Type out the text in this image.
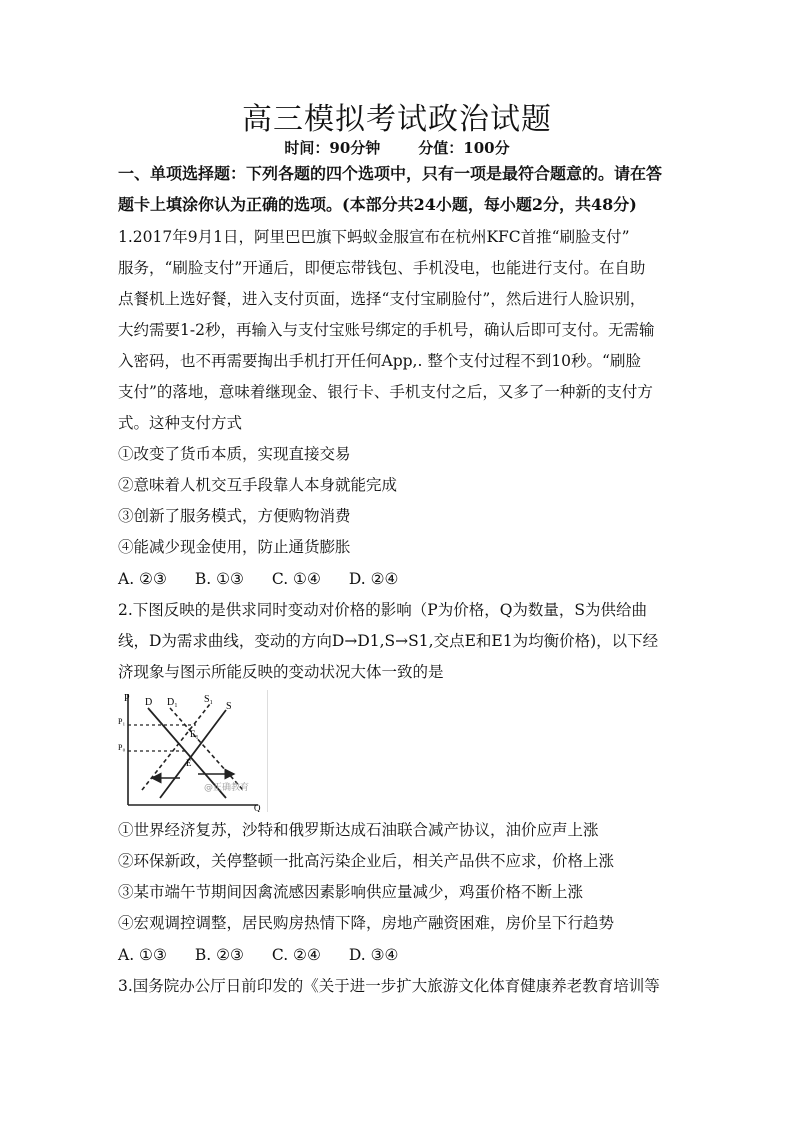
高三模拟考试政治试题
时间：90分钟	分值：100分
一、单项选择题：下列各题的四个选项中，只有一项是最符合题意的。请在答
题卡上填涂你认为正确的选项。(本部分共24小题，每小题2分，共48分)
1.2017年9月1日，阿里巴巴旗下蚂蚁金服宣布在杭州KFC首推“刷脸支付”
服务，“刷脸支付”开通后，即便忘带钱包、手机没电，也能进行支付。在自助
点餐机上选好餐，进入支付页面，选择“支付宝刷脸付”，然后进行人脸识别，
大约需要1-2秒，再输入与支付宝账号绑定的手机号，确认后即可支付。无需输
入密码，也不再需要掏出手机打开任何App,. 整个支付过程不到10秒。“刷脸
支付”的落地，意味着继现金、银行卡、手机支付之后，又多了一种新的支付方
式。这种支付方式
①改变了货币本质，实现直接交易
②意味着人机交互手段靠人本身就能完成
③创新了服务模式，方便购物消费
④能减少现金使用，防止通货膨胀
A. ②③ B. ①③ C. ①④ D. ②④
2.下图反映的是供求同时变动对价格的影响（P为价格，Q为数量，S为供给曲
线，D为需求曲线，变动的方向D→D1,S→S1,交点E和E1为均衡价格)，以下经
济现象与图示所能反映的变动状况大体一致的是
P
Q
D D₁	S₁
S
P₁
P₀
E₁
E
@正确教育
①世界经济复苏，沙特和俄罗斯达成石油联合减产协议，油价应声上涨
②环保新政，关停整顿一批高污染企业后，相关产品供不应求，价格上涨
③某市端午节期间因禽流感因素影响供应量减少，鸡蛋价格不断上涨
④宏观调控调整，居民购房热情下降，房地产融资困难，房价呈下行趋势
A. ①③ B. ②③ C. ②④ D. ③④
3.国务院办公厅日前印发的《关于进一步扩大旅游文化体育健康养老教育培训等
